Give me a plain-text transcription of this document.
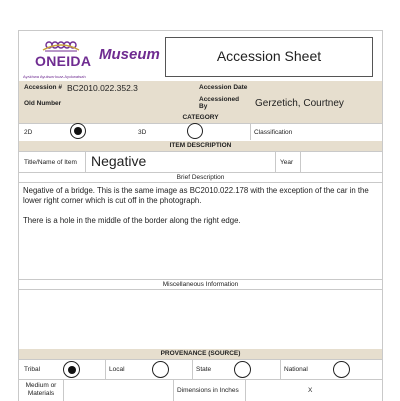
ONEIDA
Ayʌkhwa Ayukwa·kuaʌ Ayʌkwatsah
Museum	Accession Sheet
Accession # BC2010.022.352.3	Accession Date
Old Number
Accessioned By	Gerzetich, Courtney
CATEGORY
2D	3D	Classification
ITEM DESCRIPTION
Title/Name of Item Negative	Year
Brief Description
Negative of a bridge. This is the same image as BC2010.022.178 with the exception of the car in the lower right corner which is cut off in the photograph.
There is a hole in the middle of the border along the right edge.
Miscellaneous Information
PROVENANCE (SOURCE)
Tribal	Local	State	National
Medium or Materials	Dimensions in Inches	X
